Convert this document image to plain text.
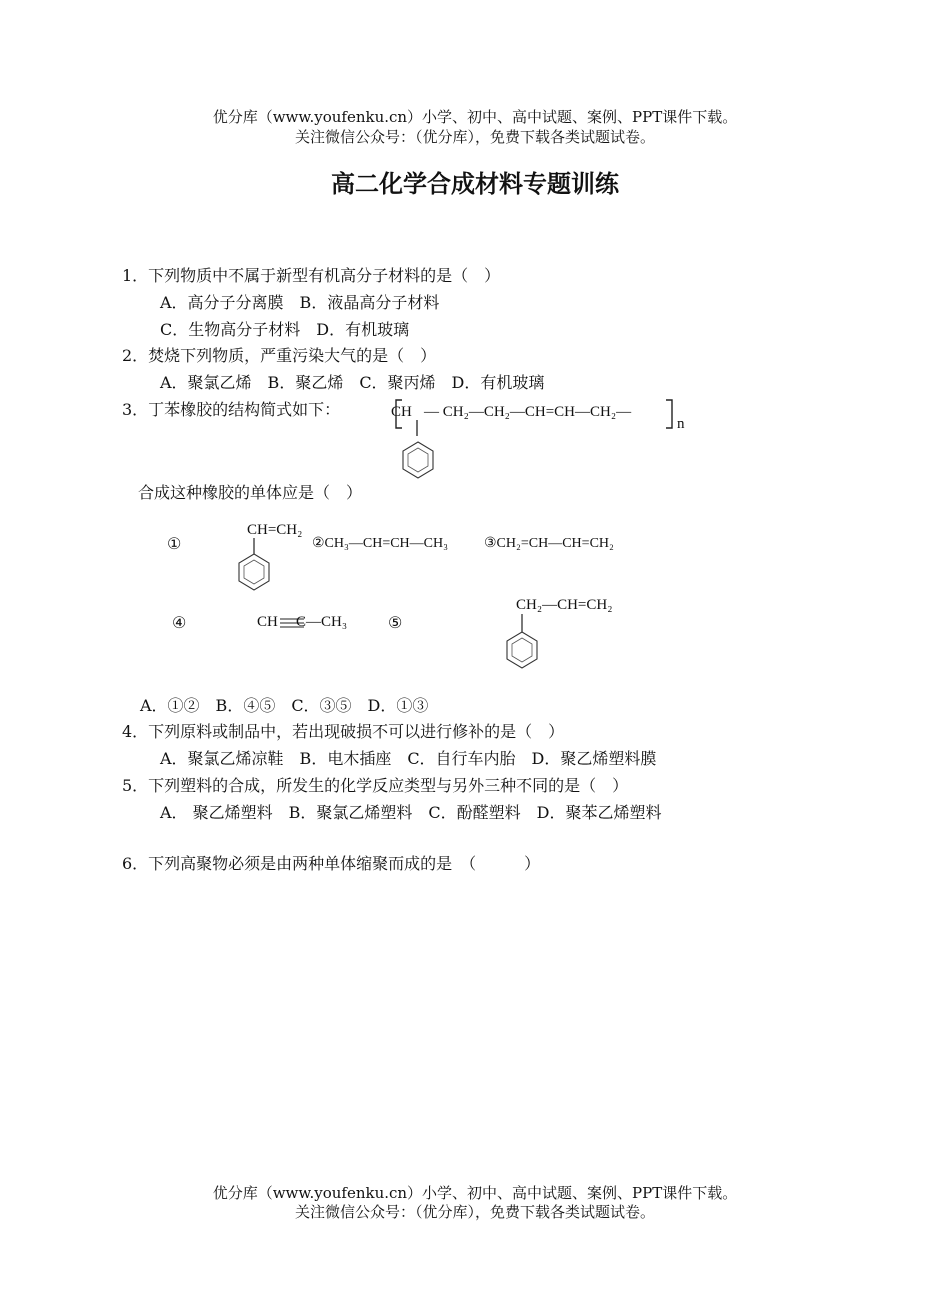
优分库（www.youfenku.cn）小学、初中、高中试题、案例、PPT课件下载。
关注微信公众号：（优分库），免费下载各类试题试卷。
高二化学合成材料专题训练
1．下列物质中不属于新型有机高分子材料的是（　）
A．高分子分离膜　B．液晶高分子材料
C．生物高分子材料　D．有机玻璃
2．焚烧下列物质，严重污染大气的是（　）
A．聚氯乙烯　B．聚乙烯　C．聚丙烯　D．有机玻璃
3．丁苯橡胶的结构简式如下：	CH — CH₂—CH₂—CH=CH—CH₂—
n
合成这种橡胶的单体应是（　）
①
CH=CH₂
②CH₃—CH=CH—CH₃	③CH₂=CH—CH=CH₂
④	CH C—CH₃	⑤
CH₂—CH=CH₂
A．①②　B．④⑤　C．③⑤　D．①③
4．下列原料或制品中，若出现破损不可以进行修补的是（　）
A．聚氯乙烯凉鞋　B．电木插座　C．自行车内胎　D．聚乙烯塑料膜
5．下列塑料的合成，所发生的化学反应类型与另外三种不同的是（　）
A． 聚乙烯塑料　B．聚氯乙烯塑料　C．酚醛塑料　D．聚苯乙烯塑料
6．下列高聚物必须是由两种单体缩聚而成的是　（　　　）
优分库（www.youfenku.cn）小学、初中、高中试题、案例、PPT课件下载。
关注微信公众号：（优分库），免费下载各类试题试卷。
